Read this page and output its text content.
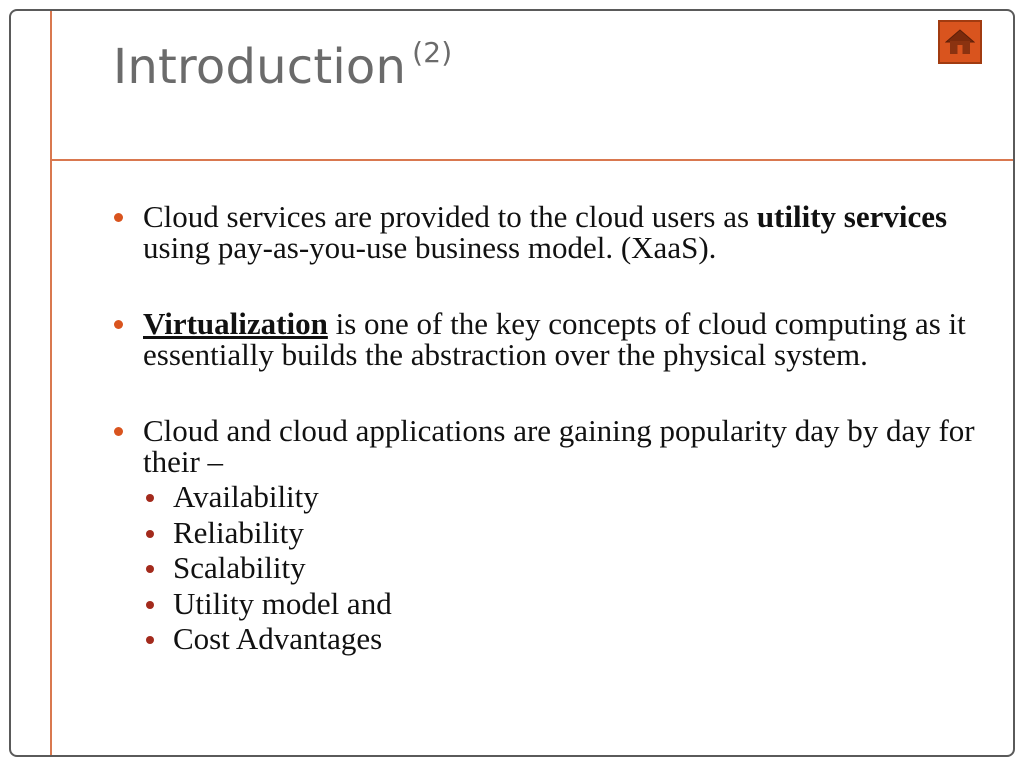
Introduction $^{(2)}$
Cloud services are provided to the cloud users as utility services using pay-as-you-use business model. (XaaS).
Virtualization is one of the key concepts of cloud computing as it essentially builds the abstraction over the physical system.
Cloud and cloud applications are gaining popularity day by day for their –
Availability
Reliability
Scalability
Utility model and
Cost Advantages
